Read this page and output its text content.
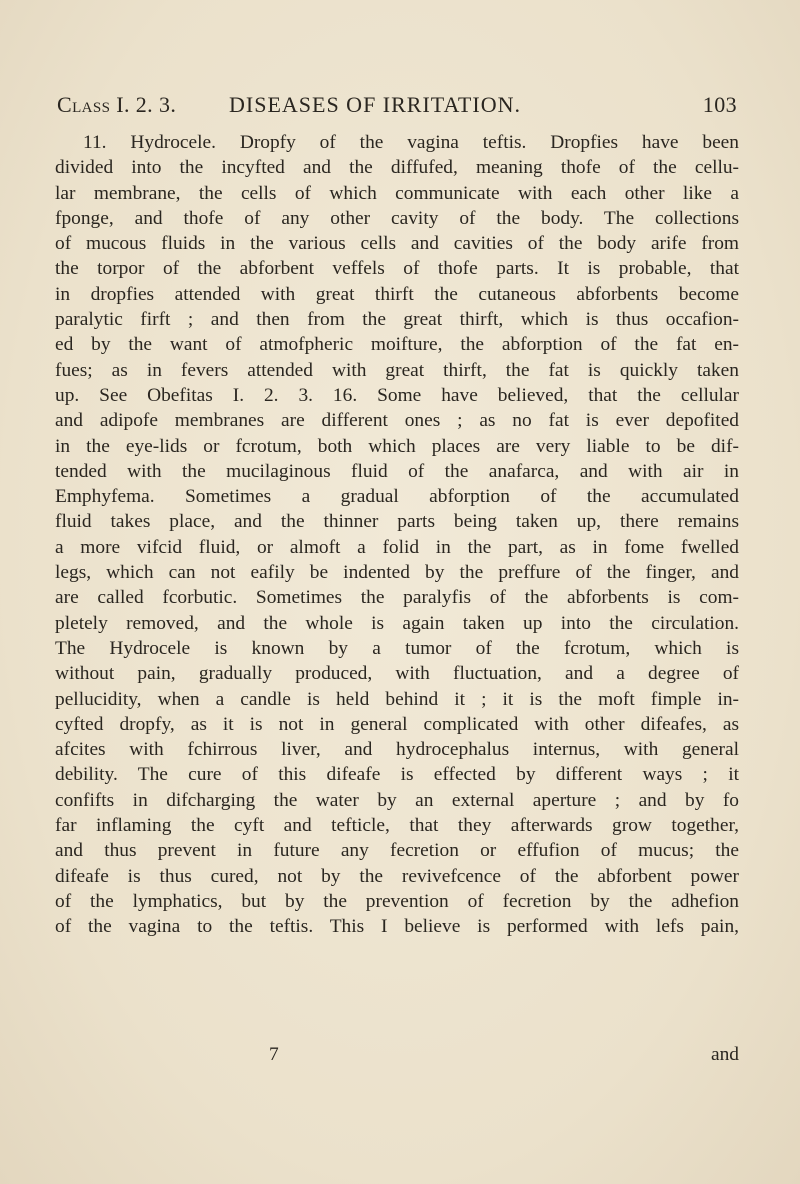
Class I. 2. 3. DISEASES OF IRRITATION.	103
11. Hydrocele. Dropfy of the vagina teftis. Dropfies have been
divided into the incyfted and the diffufed, meaning thofe of the cellu-
lar membrane, the cells of which communicate with each other like a
fponge, and thofe of any other cavity of the body. The collections
of mucous fluids in the various cells and cavities of the body arife from
the torpor of the abforbent veffels of thofe parts. It is probable, that
in dropfies attended with great thirft the cutaneous abforbents become
paralytic firft ; and then from the great thirft, which is thus occafion-
ed by the want of atmofpheric moifture, the abforption of the fat en-
fues; as in fevers attended with great thirft, the fat is quickly taken
up. See Obefitas I. 2. 3. 16. Some have believed, that the cellular
and adipofe membranes are different ones ; as no fat is ever depofited
in the eye-lids or fcrotum, both which places are very liable to be dif-
tended with the mucilaginous fluid of the anafarca, and with air in
Emphyfema. Sometimes a gradual abforption of the accumulated
fluid takes place, and the thinner parts being taken up, there remains
a more vifcid fluid, or almoft a folid in the part, as in fome fwelled
legs, which can not eafily be indented by the preffure of the finger, and
are called fcorbutic. Sometimes the paralyfis of the abforbents is com-
pletely removed, and the whole is again taken up into the circulation.
The Hydrocele is known by a tumor of the fcrotum, which is
without pain, gradually produced, with fluctuation, and a degree of
pellucidity, when a candle is held behind it ; it is the moft fimple in-
cyfted dropfy, as it is not in general complicated with other difeafes, as
afcites with fchirrous liver, and hydrocephalus internus, with general
debility. The cure of this difeafe is effected by different ways ; it
confifts in difcharging the water by an external aperture ; and by fo
far inflaming the cyft and tefticle, that they afterwards grow together,
and thus prevent in future any fecretion or effufion of mucus; the
difeafe is thus cured, not by the revivefcence of the abforbent power
of the lymphatics, but by the prevention of fecretion by the adhefion
of the vagina to the teftis. This I believe is performed with lefs pain,
7	and
